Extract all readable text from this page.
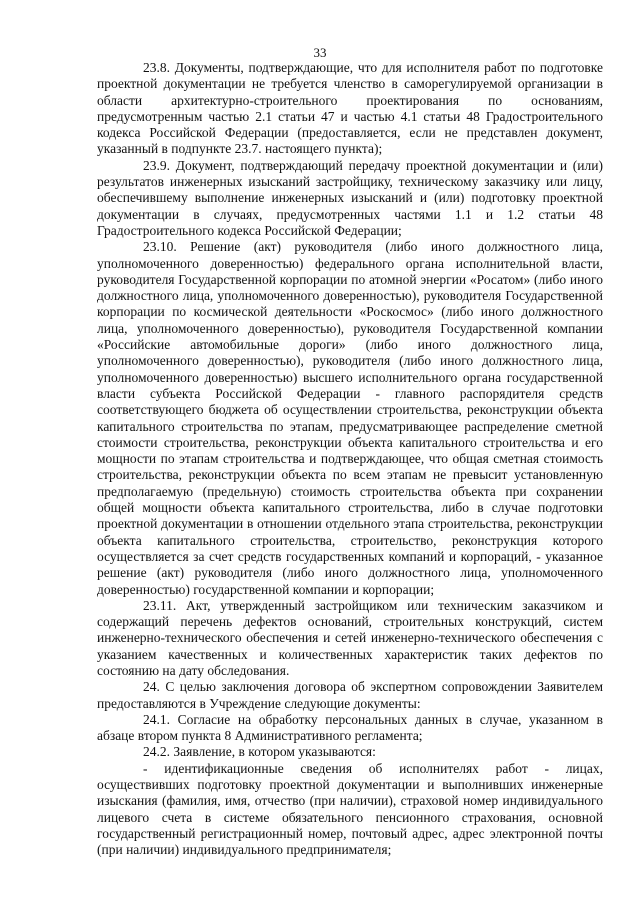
33

23.8. Документы, подтверждающие, что для исполнителя работ по подготовке проектной документации не требуется членство в саморегулируемой организации в области архитектурно-строительного проектирования по основаниям, предусмотренным частью 2.1 статьи 47 и частью 4.1 статьи 48 Градостроительного кодекса Российской Федерации (предоставляется, если не представлен документ, указанный в подпункте 23.7. настоящего пункта);

23.9. Документ, подтверждающий передачу проектной документации и (или) результатов инженерных изысканий застройщику, техническому заказчику или лицу, обеспечившему выполнение инженерных изысканий и (или) подготовку проектной документации в случаях, предусмотренных частями 1.1 и 1.2 статьи 48 Градостроительного кодекса Российской Федерации;

23.10. Решение (акт) руководителя (либо иного должностного лица, уполномоченного доверенностью) федерального органа исполнительной власти, руководителя Государственной корпорации по атомной энергии «Росатом» (либо иного должностного лица, уполномоченного доверенностью), руководителя Государственной корпорации по космической деятельности «Роскосмос» (либо иного должностного лица, уполномоченного доверенностью), руководителя Государственной компании «Российские автомобильные дороги» (либо иного должностного лица, уполномоченного доверенностью), руководителя (либо иного должностного лица, уполномоченного доверенностью) высшего исполнительного органа государственной власти субъекта Российской Федерации - главного распорядителя средств соответствующего бюджета об осуществлении строительства, реконструкции объекта капитального строительства по этапам, предусматривающее распределение сметной стоимости строительства, реконструкции объекта капитального строительства и его мощности по этапам строительства и подтверждающее, что общая сметная стоимость строительства, реконструкции объекта по всем этапам не превысит установленную предполагаемую (предельную) стоимость строительства объекта при сохранении общей мощности объекта капитального строительства, либо в случае подготовки проектной документации в отношении отдельного этапа строительства, реконструкции объекта капитального строительства, строительство, реконструкция которого осуществляется за счет средств государственных компаний и корпораций, - указанное решение (акт) руководителя (либо иного должностного лица, уполномоченного доверенностью) государственной компании и корпорации;

23.11. Акт, утвержденный застройщиком или техническим заказчиком и содержащий перечень дефектов оснований, строительных конструкций, систем инженерно-технического обеспечения и сетей инженерно-технического обеспечения с указанием качественных и количественных характеристик таких дефектов по состоянию на дату обследования.

24. С целью заключения договора об экспертном сопровождении Заявителем предоставляются в Учреждение следующие документы:

24.1. Согласие на обработку персональных данных в случае, указанном в абзаце втором пункта 8 Административного регламента;

24.2. Заявление, в котором указываются:

- идентификационные сведения об исполнителях работ - лицах, осуществивших подготовку проектной документации и выполнивших инженерные изыскания (фамилия, имя, отчество (при наличии), страховой номер индивидуального лицевого счета в системе обязательного пенсионного страхования, основной государственный регистрационный номер, почтовый адрес, адрес электронной почты (при наличии) индивидуального предпринимателя;
